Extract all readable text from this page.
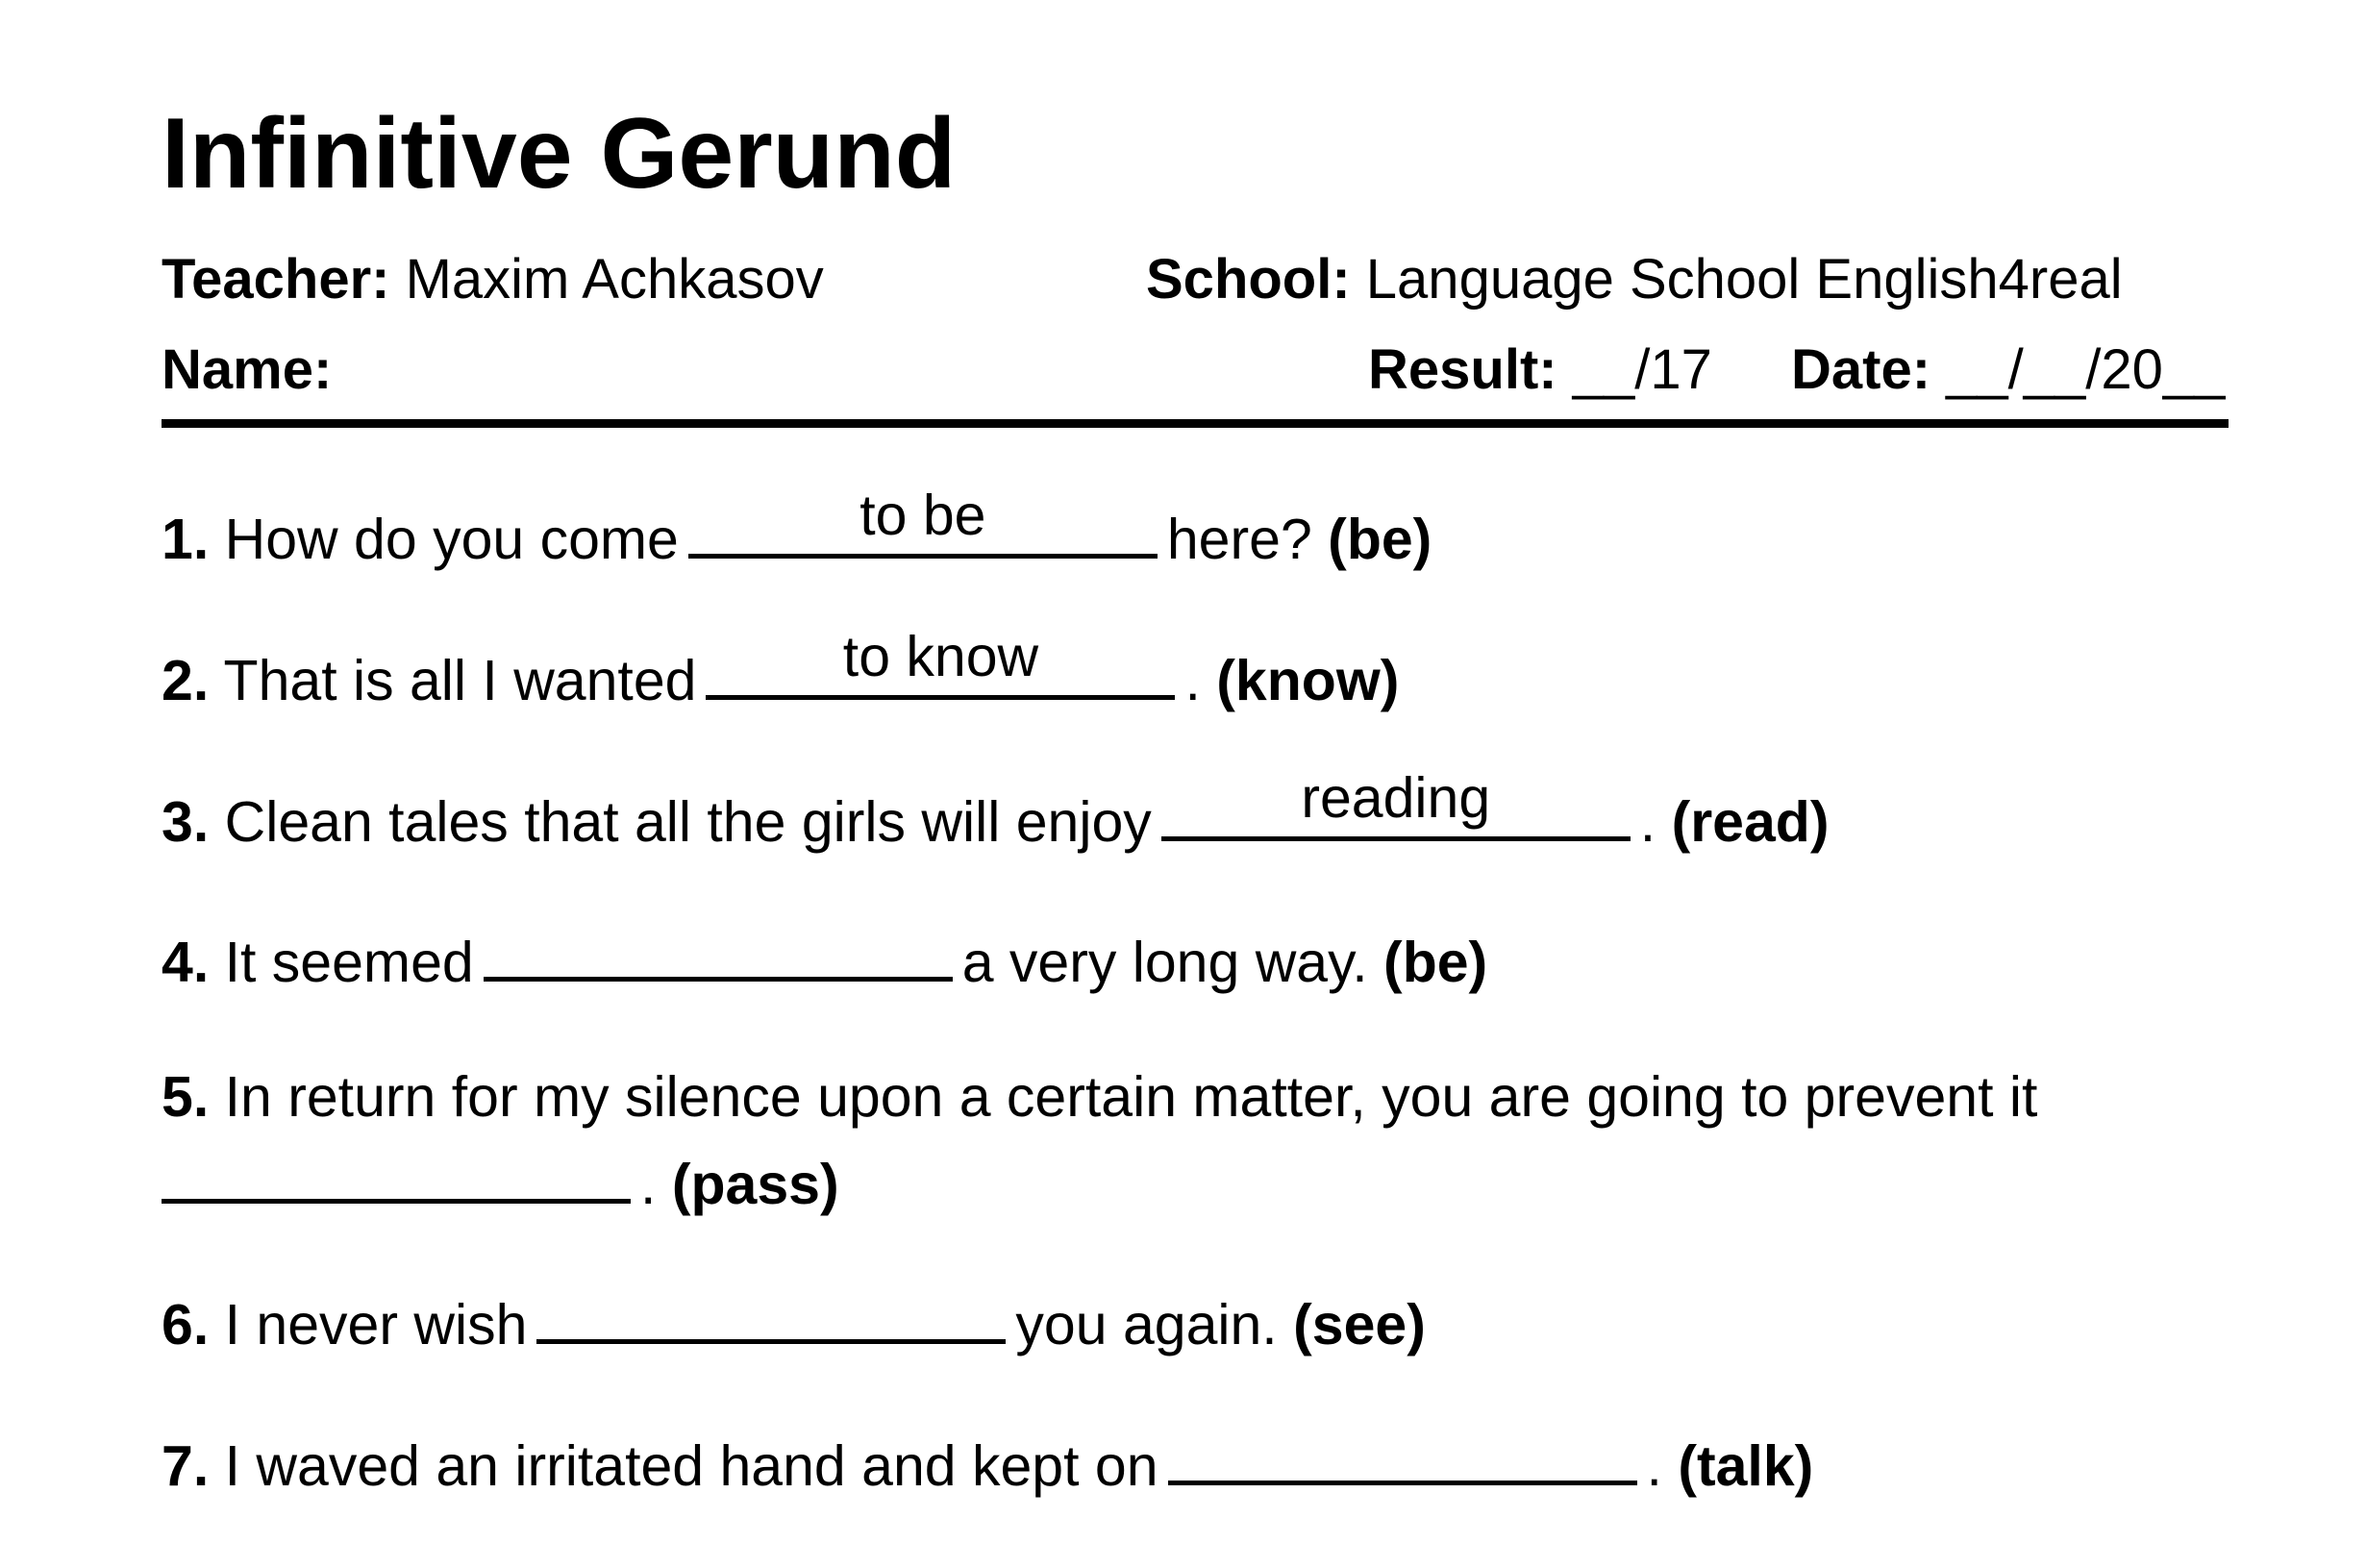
Infinitive Gerund
Teacher: Maxim Achkasov	School: Language School English4real
Name:	Result: __/17 Date: __/__/20__
1. How do you come	to be	here? (be)
2. That is all I wanted	to know	. (know)
3. Clean tales that all the girls will enjoy	reading	. (read)
4. It seemed	a very long way. (be)
5. In return for my silence upon a certain matter, you are going to prevent it
. (pass)
6. I never wish	you again. (see)
7. I waved an irritated hand and kept on	. (talk)
